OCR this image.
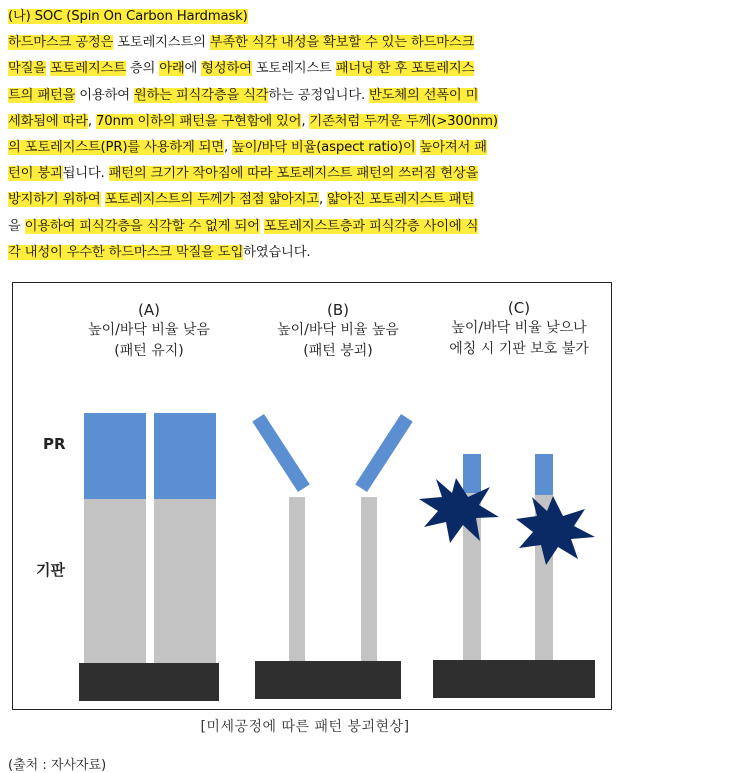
(나) SOC (Spin On Carbon Hardmask)
하드마스크 공정은 포토레지스트의 부족한 식각 내성을 확보할 수 있는 하드마스크
막질을 포토레지스트 층의 아래에 형성하여 포토레지스트 패너닝 한 후 포토레지스
트의 패턴을 이용하여 원하는 피식각층을 식각하는 공정입니다. 반도체의 선폭이 미
세화됨에 따라, 70nm 이하의 패턴을 구현함에 있어, 기존처럼 두꺼운 두께(>300nm)
의 포토레지스트(PR)를 사용하게 되면, 높이/바닥 비율(aspect ratio)이 높아져서 패
턴이 붕괴됩니다. 패턴의 크기가 작아짐에 따라 포토레지스트 패턴의 쓰러짐 현상을
방지하기 위하여 포토레지스트의 두께가 점점 얇아지고, 얇아진 포토레지스트 패턴
을 이용하여 피식각층을 식각할 수 없게 되어 포토레지스트층과 피식각층 사이에 식
각 내성이 우수한 하드마스크 막질을 도입하였습니다.
(A)
높이/바닥 비율 낮음
(패턴 유지)
(B)
높이/바닥 비율 높음
(패턴 붕괴)
(C)
높이/바닥 비율 낮으나
에칭 시 기판 보호 불가
PR
기판
[미세공정에 따른 패턴 붕괴현상]
(출처 : 자사자료)
